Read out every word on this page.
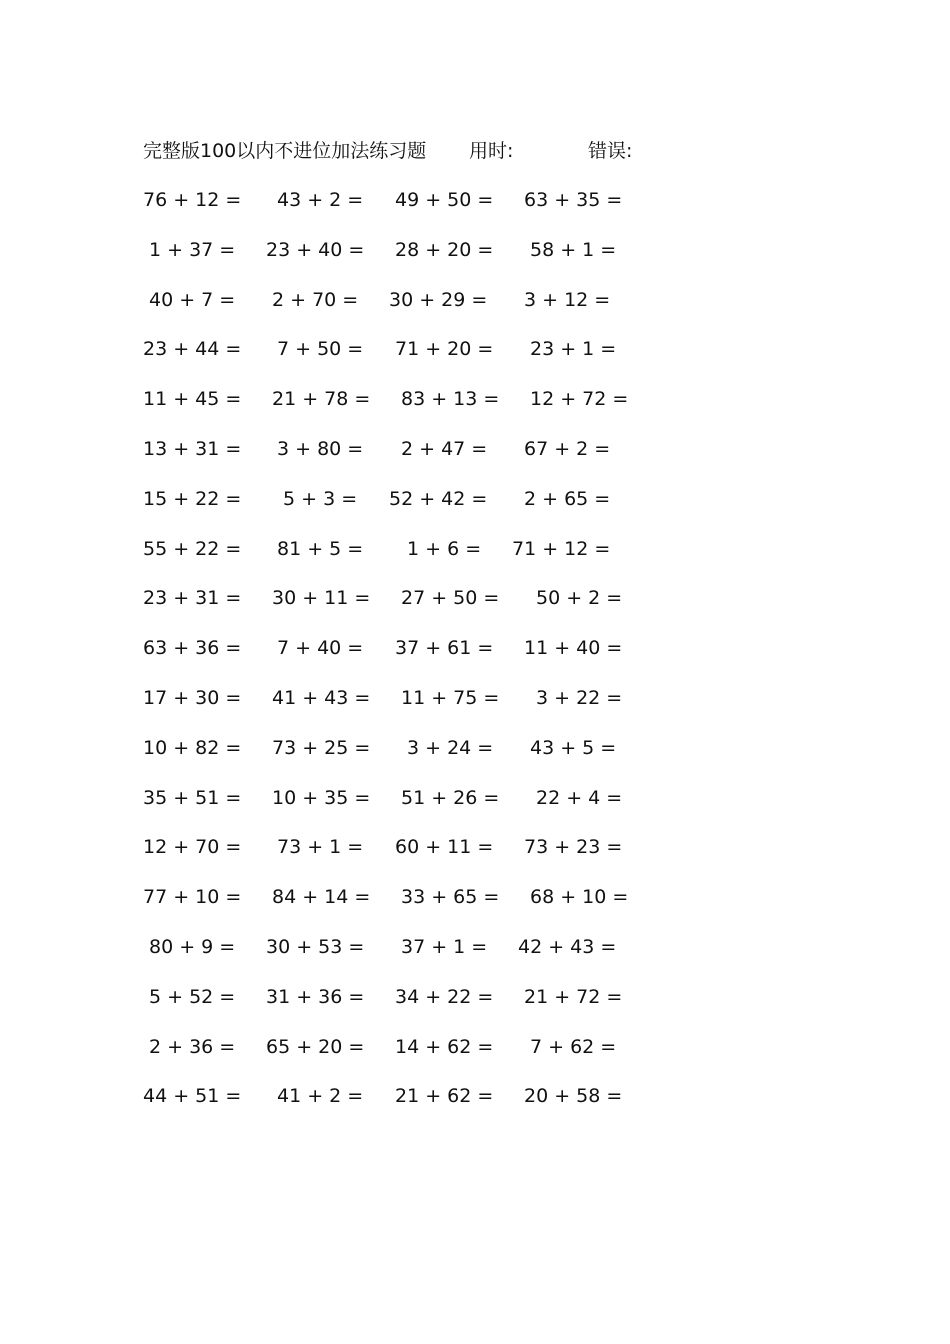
完整版100以内不进位加法练习题 用时:	错误:
76 + 12 = 43 + 2 = 49 + 50 = 63 + 35 =
1 + 37 = 23 + 40 = 28 + 20 = 58 + 1 =
40 + 7 = 2 + 70 = 30 + 29 = 3 + 12 =
23 + 44 = 7 + 50 = 71 + 20 = 23 + 1 =
11 + 45 = 21 + 78 = 83 + 13 = 12 + 72 =
13 + 31 = 3 + 80 = 2 + 47 = 67 + 2 =
15 + 22 = 5 + 3 = 52 + 42 = 2 + 65 =
55 + 22 = 81 + 5 = 1 + 6 = 71 + 12 =
23 + 31 = 30 + 11 = 27 + 50 = 50 + 2 =
63 + 36 = 7 + 40 = 37 + 61 = 11 + 40 =
17 + 30 = 41 + 43 = 11 + 75 = 3 + 22 =
10 + 82 = 73 + 25 = 3 + 24 = 43 + 5 =
35 + 51 = 10 + 35 = 51 + 26 = 22 + 4 =
12 + 70 = 73 + 1 = 60 + 11 = 73 + 23 =
77 + 10 = 84 + 14 = 33 + 65 = 68 + 10 =
80 + 9 = 30 + 53 = 37 + 1 = 42 + 43 =
5 + 52 = 31 + 36 = 34 + 22 = 21 + 72 =
2 + 36 = 65 + 20 = 14 + 62 = 7 + 62 =
44 + 51 = 41 + 2 = 21 + 62 = 20 + 58 =
